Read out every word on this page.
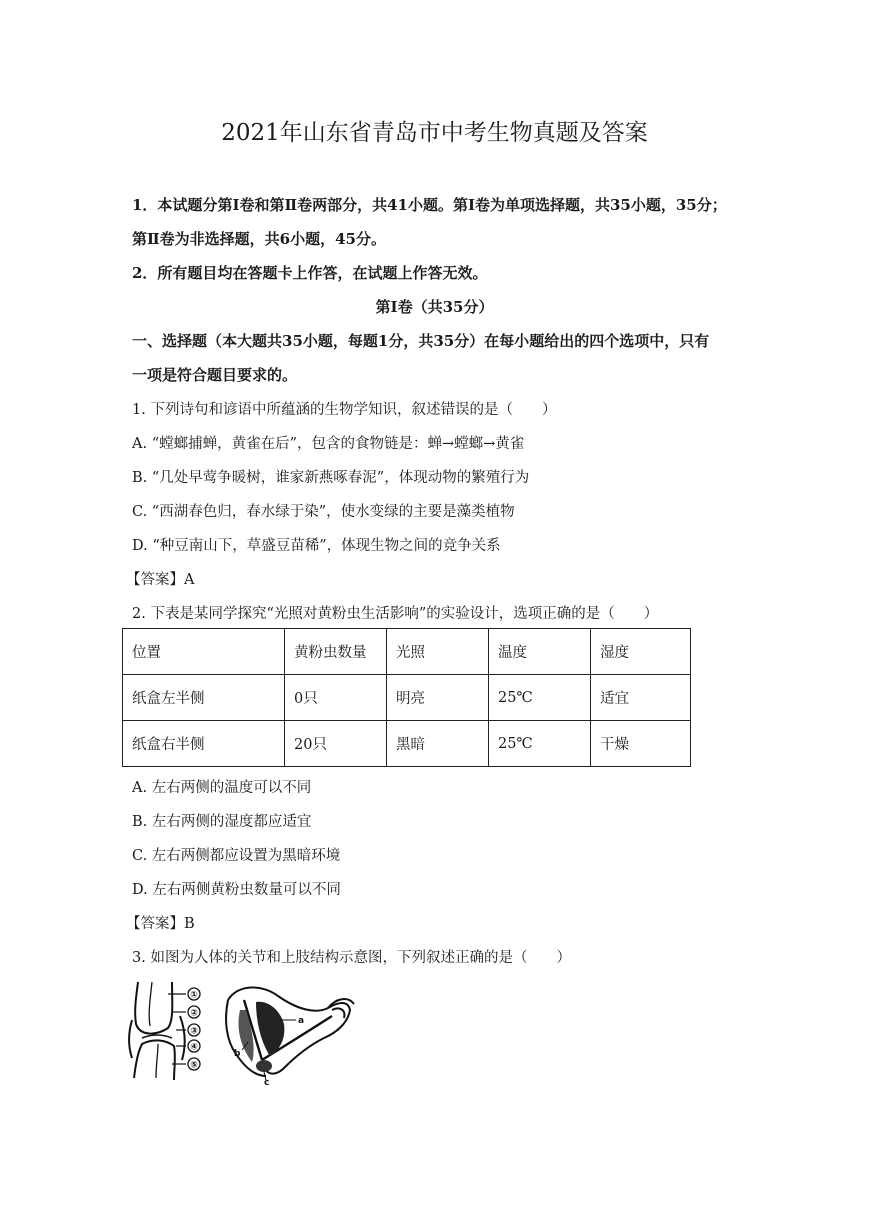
2021年山东省青岛市中考生物真题及答案
1．本试题分第Ⅰ卷和第Ⅱ卷两部分，共41小题。第Ⅰ卷为单项选择题，共35小题，35分；
第Ⅱ卷为非选择题，共6小题，45分。
2．所有题目均在答题卡上作答，在试题上作答无效。
第Ⅰ卷（共35分）
一、选择题（本大题共35小题，每题1分，共35分）在每小题给出的四个选项中，只有
一项是符合题目要求的。
1. 下列诗句和谚语中所蕴涵的生物学知识，叙述错误的是（　　）
A. “螳螂捕蝉，黄雀在后”，包含的食物链是：蝉→螳螂→黄雀
B. “几处早莺争暖树，谁家新燕啄春泥”，体现动物的繁殖行为
C. “西湖春色归，春水绿于染”，使水变绿的主要是藻类植物
D. “种豆南山下，草盛豆苗稀”，体现生物之间的竞争关系
【答案】A
2. 下表是某同学探究“光照对黄粉虫生活影响”的实验设计，选项正确的是（　　）
位置	黄粉虫数量	光照	温度	湿度
纸盒左半侧	0只	明亮	25℃	适宜
纸盒右半侧	20只	黑暗	25℃	干燥
A. 左右两侧的温度可以不同
B. 左右两侧的湿度都应适宜
C. 左右两侧都应设置为黑暗环境
D. 左右两侧黄粉虫数量可以不同
【答案】B
3. 如图为人体的关节和上肢结构示意图，下列叙述正确的是（　　）
①
②
③
④
⑤
a
b
c
